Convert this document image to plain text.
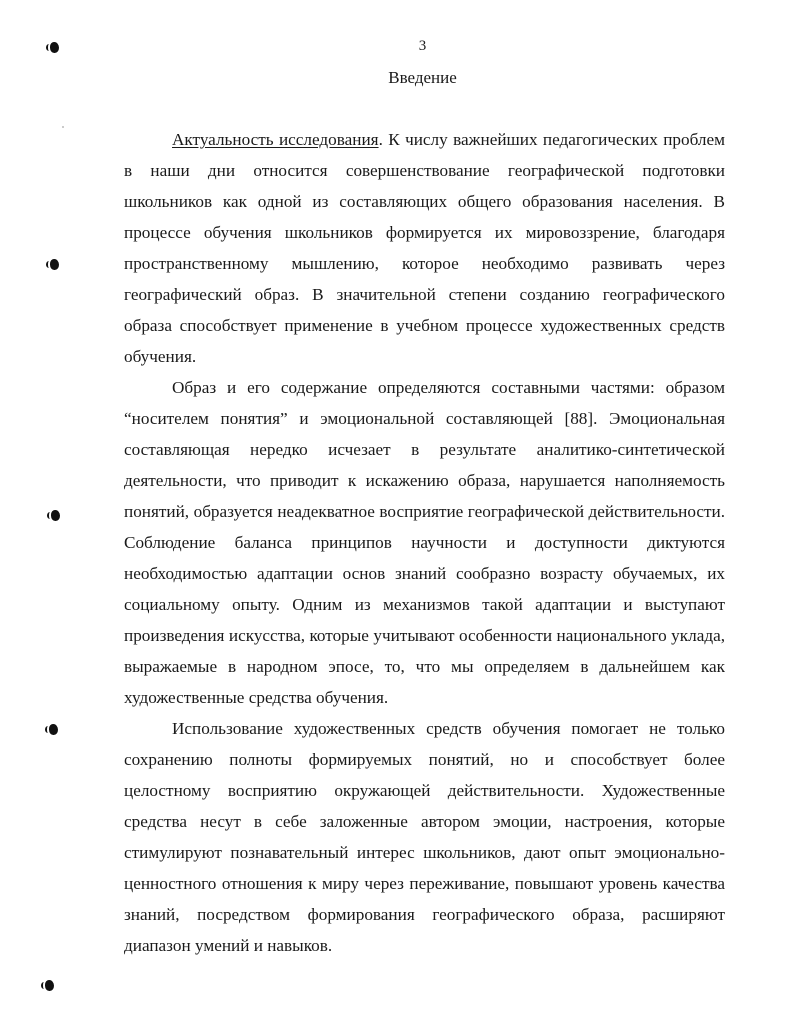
3
Введение

Актуальность исследования. К числу важнейших педагогических проблем в наши дни относится совершенствование географической подготовки школьников как одной из составляющих общего образования населения. В процессе обучения школьников формируется их мировоззрение, благодаря пространственному мышлению, которое необходимо развивать через географический образ. В значительной степени созданию географического образа способствует применение в учебном процессе художественных средств обучения.

Образ и его содержание определяются составными частями: образом “носителем понятия” и эмоциональной составляющей [88]. Эмоциональная составляющая нередко исчезает в результате аналитико-синтетической деятельности, что приводит к искажению образа, нарушается наполняемость понятий, образуется неадекватное восприятие географической действительности. Соблюдение баланса принципов научности и доступности диктуются необходимостью адаптации основ знаний сообразно возрасту обучаемых, их социальному опыту. Одним из механизмов такой адаптации и выступают произведения искусства, которые учитывают особенности национального уклада, выражаемые в народном эпосе, то, что мы определяем в дальнейшем как художественные средства обучения.

Использование художественных средств обучения помогает не только сохранению полноты формируемых понятий, но и способствует более целостному восприятию окружающей действительности. Художественные средства несут в себе заложенные автором эмоции, настроения, которые стимулируют познавательный интерес школьников, дают опыт эмоционально-ценностного отношения к миру через переживание, повышают уровень качества знаний, посредством формирования географического образа, расширяют диапазон умений и навыков.
